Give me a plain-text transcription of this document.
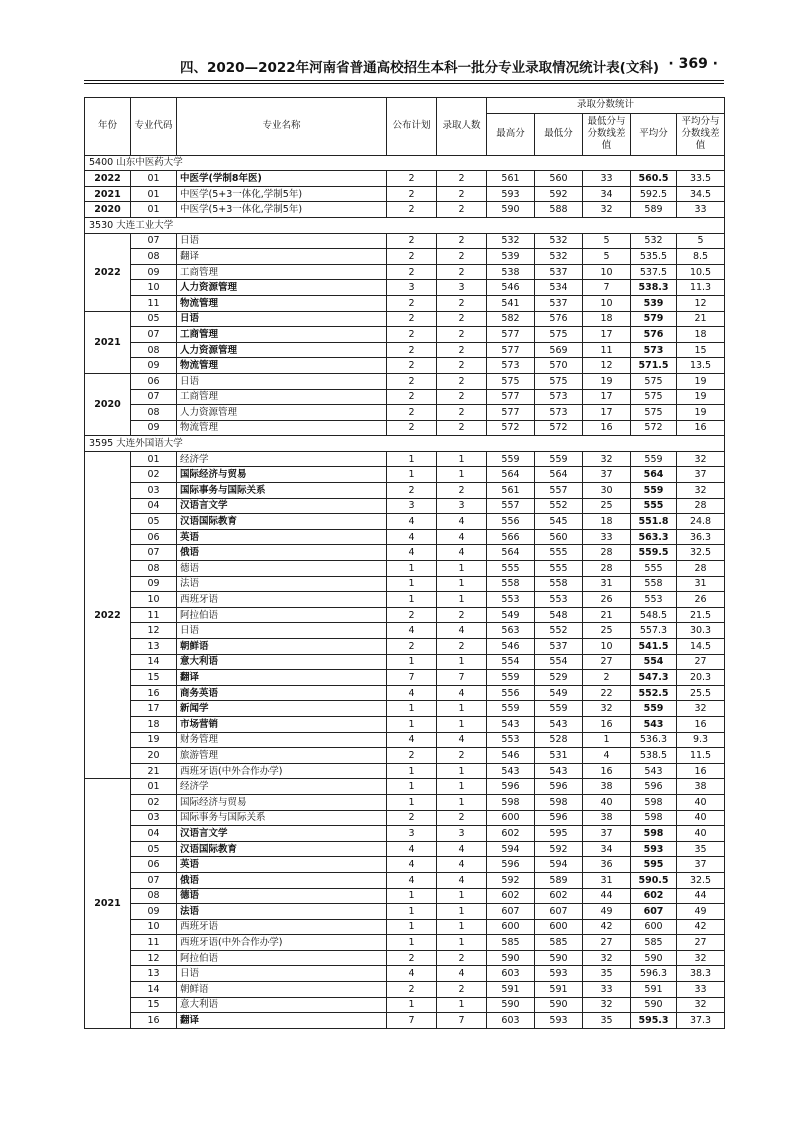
四、2020—2022年河南省普通高校招生本科一批分专业录取情况统计表(文科) · 369 ·
年份	专业代码	专业名称	公布计划	录取人数	录取分数统计				
					最高分	最低分	最低分与分数线差值	平均分	平均分与分数线差值
5400 山东中医药大学									
2022	01	中医学(学制8年医)	2	2	561	560	33	560.5	33.5
2021	01	中医学(5+3一体化,学制5年)	2	2	593	592	34	592.5	34.5
2020	01	中医学(5+3一体化,学制5年)	2	2	590	588	32	589	33
3530 大连工业大学									
2022	07	日语	2	2	532	532	5	532	5
	08	翻译	2	2	539	532	5	535.5	8.5
	09	工商管理	2	2	538	537	10	537.5	10.5
	10	人力资源管理	3	3	546	534	7	538.3	11.3
	11	物流管理	2	2	541	537	10	539	12
2021	05	日语	2	2	582	576	18	579	21
	07	工商管理	2	2	577	575	17	576	18
	08	人力资源管理	2	2	577	569	11	573	15
	09	物流管理	2	2	573	570	12	571.5	13.5
2020	06	日语	2	2	575	575	19	575	19
	07	工商管理	2	2	577	573	17	575	19
	08	人力资源管理	2	2	577	573	17	575	19
	09	物流管理	2	2	572	572	16	572	16
3595 大连外国语大学									
2022	01	经济学	1	1	559	559	32	559	32
	02	国际经济与贸易	1	1	564	564	37	564	37
	03	国际事务与国际关系	2	2	561	557	30	559	32
	04	汉语言文学	3	3	557	552	25	555	28
	05	汉语国际教育	4	4	556	545	18	551.8	24.8
	06	英语	4	4	566	560	33	563.3	36.3
	07	俄语	4	4	564	555	28	559.5	32.5
	08	德语	1	1	555	555	28	555	28
	09	法语	1	1	558	558	31	558	31
	10	西班牙语	1	1	553	553	26	553	26
	11	阿拉伯语	2	2	549	548	21	548.5	21.5
	12	日语	4	4	563	552	25	557.3	30.3
	13	朝鲜语	2	2	546	537	10	541.5	14.5
	14	意大利语	1	1	554	554	27	554	27
	15	翻译	7	7	559	529	2	547.3	20.3
	16	商务英语	4	4	556	549	22	552.5	25.5
	17	新闻学	1	1	559	559	32	559	32
	18	市场营销	1	1	543	543	16	543	16
	19	财务管理	4	4	553	528	1	536.3	9.3
	20	旅游管理	2	2	546	531	4	538.5	11.5
	21	西班牙语(中外合作办学)	1	1	543	543	16	543	16
2021	01	经济学	1	1	596	596	38	596	38
	02	国际经济与贸易	1	1	598	598	40	598	40
	03	国际事务与国际关系	2	2	600	596	38	598	40
	04	汉语言文学	3	3	602	595	37	598	40
	05	汉语国际教育	4	4	594	592	34	593	35
	06	英语	4	4	596	594	36	595	37
	07	俄语	4	4	592	589	31	590.5	32.5
	08	德语	1	1	602	602	44	602	44
	09	法语	1	1	607	607	49	607	49
	10	西班牙语	1	1	600	600	42	600	42
	11	西班牙语(中外合作办学)	1	1	585	585	27	585	27
	12	阿拉伯语	2	2	590	590	32	590	32
	13	日语	4	4	603	593	35	596.3	38.3
	14	朝鲜语	2	2	591	591	33	591	33
	15	意大利语	1	1	590	590	32	590	32
	16	翻译	7	7	603	593	35	595.3	37.3
